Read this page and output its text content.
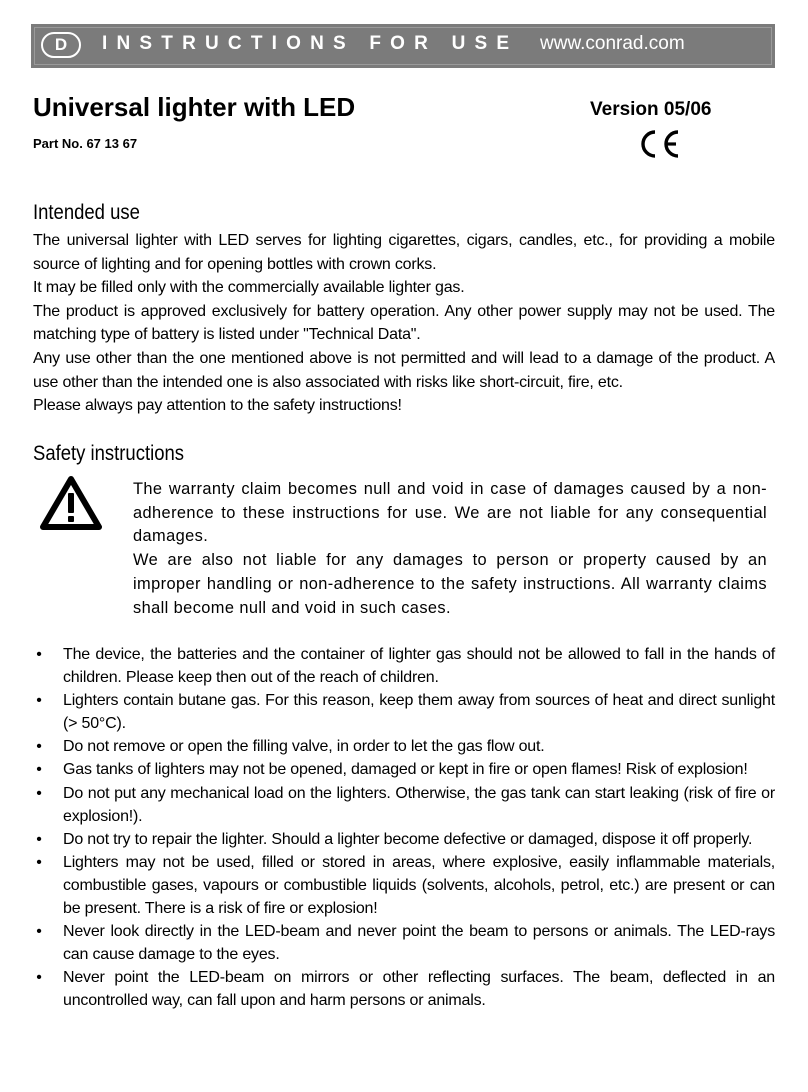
D	INSTRUCTIONS FOR USE www.conrad.com
Universal lighter with LED	Version 05/06
Part No. 67 13 67
Intended use

The universal lighter with LED serves for lighting cigarettes, cigars, candles, etc., for providing a mobile source of lighting and for opening bottles with crown corks.

It may be filled only with the commercially available lighter gas.

The product is approved exclusively for battery operation. Any other power supply may not be used. The matching type of battery is listed under "Technical Data".

Any use other than the one mentioned above is not permitted and will lead to a damage of the product. A use other than the intended one is also associated with risks like short-circuit, fire, etc.

Please always pay attention to the safety instructions!

Safety instructions

The warranty claim becomes null and void in case of damages caused by a non-adherence to these instructions for use. We are not liable for any consequential damages.

We are also not liable for any damages to person or property caused by an improper handling or non-adherence to the safety instructions. All warranty claims shall become null and void in such cases.

• The device, the batteries and the container of lighter gas should not be allowed to fall in the hands of children. Please keep then out of the reach of children.
• Lighters contain butane gas. For this reason, keep them away from sources of heat and direct sunlight (> 50°C).
• Do not remove or open the filling valve, in order to let the gas flow out.
• Gas tanks of lighters may not be opened, damaged or kept in fire or open flames! Risk of explosion!
• Do not put any mechanical load on the lighters. Otherwise, the gas tank can start leaking (risk of fire or explosion!).
• Do not try to repair the lighter. Should a lighter become defective or damaged, dispose it off properly.
• Lighters may not be used, filled or stored in areas, where explosive, easily inflammable materials, combustible gases, vapours or combustible liquids (solvents, alcohols, petrol, etc.) are present or can be present. There is a risk of fire or explosion!
• Never look directly in the LED-beam and never point the beam to persons or animals. The LED-rays can cause damage to the eyes.
• Never point the LED-beam on mirrors or other reflecting surfaces. The beam, deflected in an uncontrolled way, can fall upon and harm persons or animals.
